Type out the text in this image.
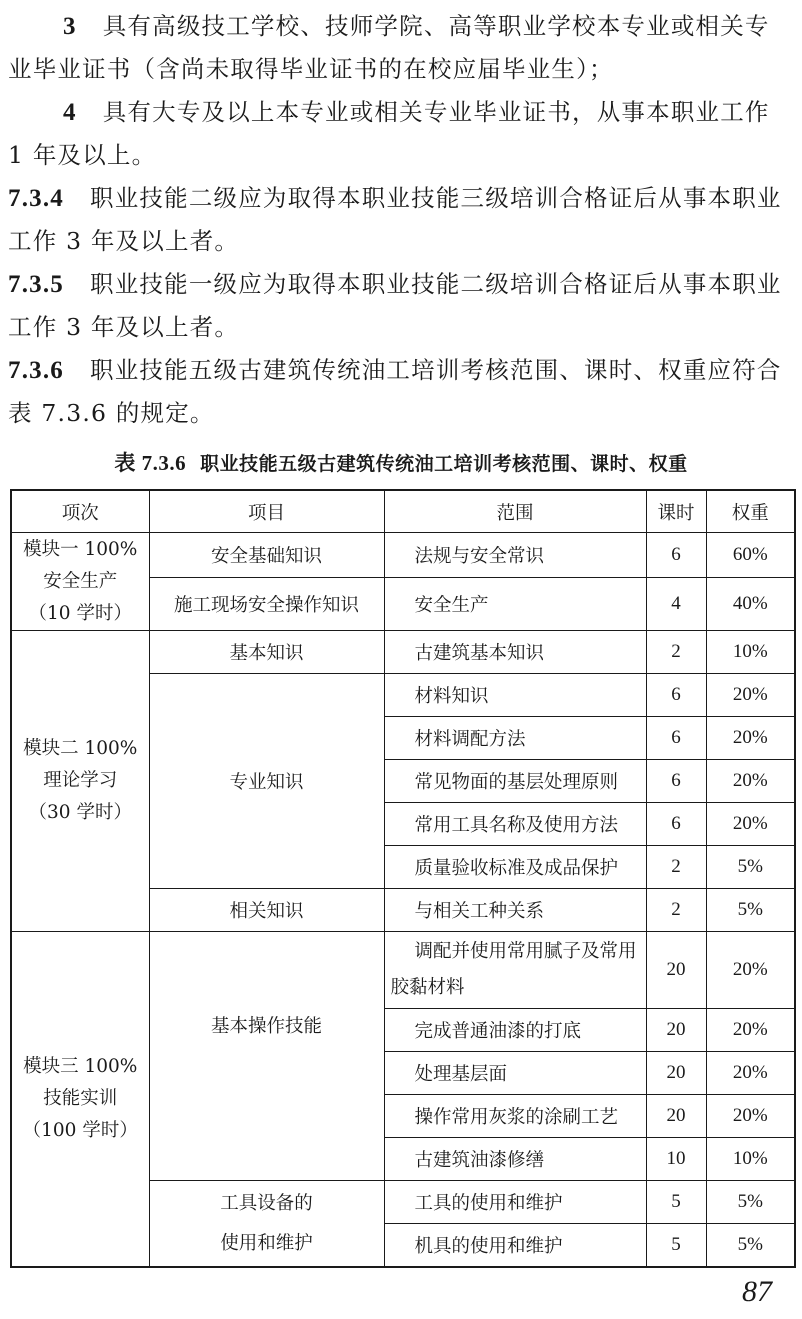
3 具有高级技工学校、技师学院、高等职业学校本专业或相关专业毕业证书（含尚未取得毕业证书的在校应届毕业生）；
4 具有大专及以上本专业或相关专业毕业证书，从事本职业工作 1 年及以上。
7.3.4 职业技能二级应为取得本职业技能三级培训合格证后从事本职业工作 3 年及以上者。
7.3.5 职业技能一级应为取得本职业技能二级培训合格证后从事本职业工作 3 年及以上者。
7.3.6 职业技能五级古建筑传统油工培训考核范围、课时、权重应符合表 7.3.6 的规定。
表 7.3.6 职业技能五级古建筑传统油工培训考核范围、课时、权重
项次	项目	范围	课时	权重

模块一 100%
安全生产
（10 学时）	安全基础知识	法规与安全常识	6	60%
	施工现场安全操作知识	安全生产	4	40%

模块二 100%
理论学习
（30 学时）	基本知识	古建筑基本知识	2	10%
	专业知识	材料知识	6	20%
		材料调配方法	6	20%
		常见物面的基层处理原则	6	20%
		常用工具名称及使用方法	6	20%
		质量验收标准及成品保护	2	5%
	相关知识	与相关工种关系	2	5%

模块三 100%
技能实训
（100 学时）	基本操作技能	调配并使用常用腻子及常用胶黏材料	20	20%
		完成普通油漆的打底	20	20%
		处理基层面	20	20%
		操作常用灰浆的涂刷工艺	20	20%
		古建筑油漆修缮	10	10%

	工具设备的
使用和维护	工具的使用和维护	5	5%
		机具的使用和维护	5	5%
87
